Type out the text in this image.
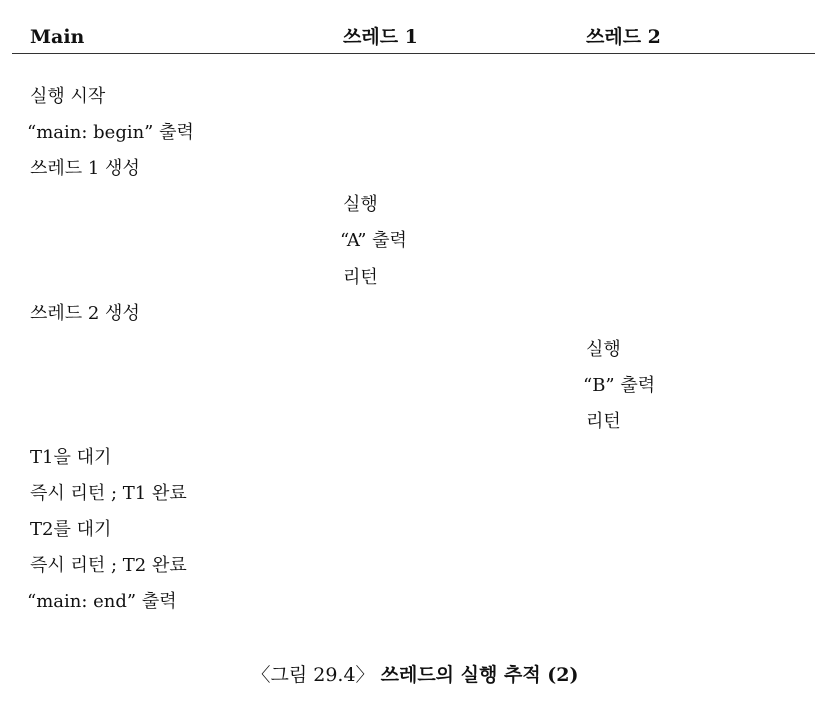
Main	쓰레드 1	쓰레드 2
실행 시작
“main: begin” 출력
쓰레드 1 생성
실행
“A” 출력
리턴
쓰레드 2 생성
실행
“B” 출력
리턴
T1을 대기
즉시 리턴 ; T1 완료
T2를 대기
즉시 리턴 ; T2 완료
“main: end” 출력
〈그림 29.4〉 쓰레드의 실행 추적 (2)
